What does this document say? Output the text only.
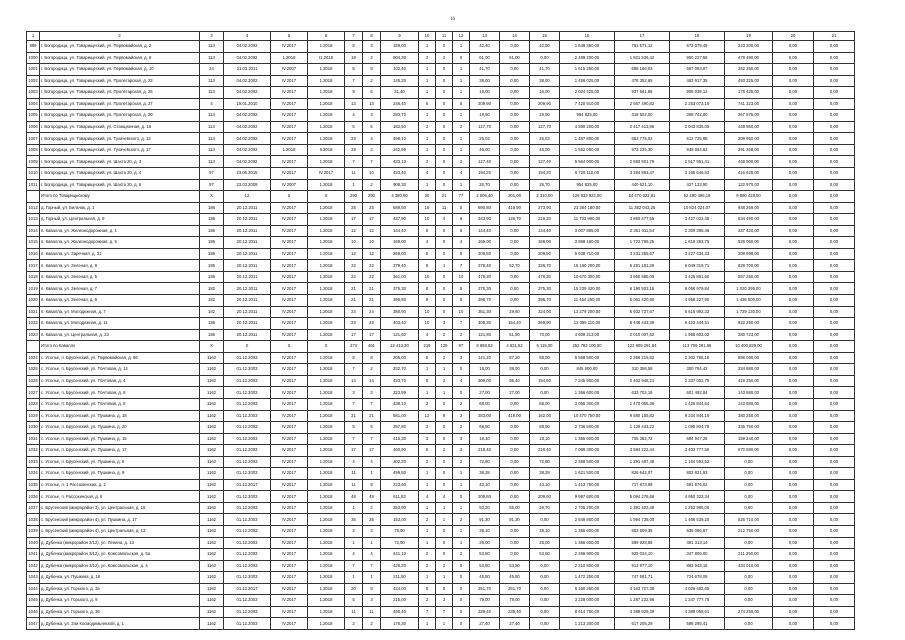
16
1	2	3	4	5	6	7	8	9	10	11	12	13	14	15	16	17	18	19	20	21
989	г. Богородица, ул. Товарищеский, ул. Первомайская, д. 2	113	04.02.2002	IV.2017	1.2018	8	3	159,00	1	0	1	42,40	0,00	42,50	1 648 350,00	751 571,12	673 079,49	223 200,00	0,00	0,00
1000	г. Богородица, ул. Товарищеский, ул. Первомайская, д. 8	113	04.02.2002	1.2018	I1.2018	19	2	604,30	2	2	0	61,00	61,00	0,00	2 489 200,00	1 821 536,42	950 227,58	478 490,00	0,00	0,00
1001	г. Богородица, ул. Товарищеский, ул. Первомайская, д. 10	24	21.03.2011	IV.2007	1.2018	8	8	102,40	1	0	1	41,70	0,00	41,70	1 615 250,00	688 166,03	667 083,97	262 250,00	0,00	0,00
1002	г. Богородица, ул. Товарищеский, ул. Пролетарская, д. 23	113	04.02.2002	IV.2017	1.2018	7	2	145,20	1	0	1	38,00	0,00	38,00	1 456 025,00	478 352,65	463 917,35	493 325,00	0,00	0,00
1003	г. Богородица, ул. Товарищеский, ул. Пролетарская, д. 25	113	04.02.2002	IV.2017	1.2018	9	6	31,40	1	0	1	16,00	0,00	16,00	2 024 425,00	937 561,88	908 038,12	178 425,00	0,00	0,00
1004	г. Богородица, ул. Товарищеский, ул. Пролетарская, д. 27	4	19.01.2010	IV.2017	1.2018	13	13	246,40	6	0	6	209,90	0,00	209,90	7 420 910,00	2 557 490,82	2 253 073,18	741 323,00	0,00	0,00
1005	г. Богородица, ул. Товарищеский, ул. Пролетарская, д. 30	113	04.02.2002	IV.2017	1.2018	4	3	283,70	1	0	1	19,50	0,00	19,50	954 825,00	318 502,00	308 742,80	267 575,00	0,00	0,00
1006	г. Богородица, ул. Товарищеский, ул. Станционная, д. 16	113	04.02.2002	IV.2017	1.2018	5	5	182,50	2	0	2	127,70	0,00	127,70	4 590 200,00	2 417 413,95	2 043 836,05	448 950,00	0,00	0,00
1007	г. Богородица, ул. Товарищеский, ул. Тухачевского, д. 12	113	04.02.2002	IV.2017	1.2018	23	4	498,10	1	0	1	25,03	0,00	25,03	1 487 800,00	653 775,02	612 725,98	209 950,00	0,00	0,00
1008	г. Богородица, ул. Товарищеский, ул. Тухачевского, д. 17	113	04.02.2002	1.2018	II.2018	28	2	342,99	1	0	1	46,00	0,00	46,00	1 552 050,00	973 225,30	948 664,62	291 268,00	0,00	0,00
1009	г. Богородица, ул. Товарищеский, ул. Шахта 20, д. 3	113	04.02.2002	IV.2017	1.2018	7	7	433,10	2	0	2	127,40	0,00	127,40	5 564 000,00	2 593 501,79	2 517 951,41	448 500,00	0,00	0,00
1010	г. Богородица, ул. Товарищеский, ул. Шахта 20, д. 4	97	23.06.2015	IV.2017	IV.2017	11	10	423,40	4	0	4	194,20	0,00	194,20	6 728 110,00	3 284 853,47	3 165 646,53	416 628,00	0,00	0,00
1011	г. Богородица, ул. Товарищеский, ул. Шахта 20, д. 5	97	23.03.2009	IV.2007	1.2018	1	2	908,30	1	0	1	26,70	0,00	26,70	954 825,00	440 621,10	427 123,90	122 970,00	0,00	0,00
	Итого по Товарищескому	Х	12	Х	Х	290	290	4 380,90	30	21	77	2 506,40	201,00	2 310,00	126 833 923,00	54 470 022,81	52 490 496,19	9 890 428,00	0,00	0,00
1012	д. Горный, ул. Бильчак, д. 1	186	20.12.2011	IV.2017	1.2018	25	25	689,50	16	11	5	690,80	416,90	273,90	23 364 180,00	11 382 043,25	10 824 024,07	948 269,00	0,00	0,00
1013	д. Горный, ул. Центральная, д. 9	186	20.12.2011	IV.2017	1.2018	17	17	437,90	10	4	6	343,90	126,70	216,20	11 703 990,00	3 860 477,55	3 427 022,45	534 490,00	0,00	0,00
1014	п. Кавалла, ул. Железнодорожная, д. 1	186	20.12.2011	IV.2017	1.2018	12	12	144,40	6	0	6	144,40	0,00	144,40	3 007 895,00	2 351 011,54	2 300 395,46	237 420,00	0,00	0,00
1015	п. Кавалла, ул. Железнодорожная, д. 5	186	20.12.2011	IV.2017	1.2018	10	10	169,00	4	0	4	169,00	0,00	169,00	3 868 160,00	1 722 799,25	1 619 293,75	526 050,00	0,00	0,00
1016	п. Кавалла, ул. Заречная, д. 31	186	20.12.2011	IV.2017	1.2018	12	12	269,00	5	0	5	209,50	0,00	209,50	5 938 710,00	3 231 255,67	3 227 434,33	209 998,00	0,00	0,00
1017	п. Кавалла, ул. Зеленая, д. 9	185	20.12.2011	IV.2017	1.2018	22	22	379,40	8	1	7	379,40	52,70	326,70	15 160 200,00	6 281 181,29	6 049 319,71	829 700,00	0,00	0,00
1018	п. Кавалла, ул. Зеленая, д. 5	185	20.12.2011	IV.2017	1.2018	22	22	361,00	10	0	10	476,30	0,00	476,30	10 670 300,00	3 950 585,09	3 425 861,60	557 250,00	0,00	0,00
1019	п. Кавалла, ул. Зеленая, д. 7	182	20.12.2011	IV.2017	1.2018	21	21	375,30	8	0	8	375,30	0,00	375,30	15 239 420,00	6 190 503,16	6 058 979,84	1 020 395,00	0,00	0,00
1020	п. Кавалла, ул. Зеленая, д. 9	182	20.12.2011	IV.2017	1.2018	21	21	395,80	9	0	9	396,70	0,00	396,70	11 454 250,00	5 061 420,90	4 956 227,90	1 436 600,00	0,00	0,00
1021	п. Кавалла, ул. Молодежная, д. 7	182	20.12.2011	IV.2017	1.2018	24	24	380,90	10	0	10	351,30	29,60	324,00	13 279 200,00	5 932 737,67	5 616 992,33	1 729 130,00	0,00	0,00
1022	п. Кавалла, ул. Молодежная, д. 11	186	20.12.2011	IV.2017	1.2018	23	23	403,40	10	3	7	409,30	154,40	269,90	12 095 110,00	6 448 443,39	6 423 444,51	822 290,00	0,00	0,00
1023	п. Кавалла, ул. Центральная, д. 23	186	20.12.2011	IV.2017	1.2018	17	17	121,60	4	2	2	121,80	51,50	70,00	4 609 213,00	2 010 007,52	1 968 603,02	280 723,00	0,00	0,00
	Итого по Кавалле	Х	Х	Х	Х	474	461	12 413,30	219	125	97	8 868,82	4 631,52	5 115,00	252 783 100,00	122 909 291,64	113 709 291,66	10 400 829,00	0,00	0,00
1024	с. Усолье, п. Брусенский, ул. Первомайская, д. 66	1162	01.12.2003	IV.2017	1.2018	8	8	205,00	5	2	3	141,20	87,20	58,00	5 558 500,00	2 356 215,82	2 302 766,18	896 090,00	0,00	0,00
1025	с. Усолье, п. Брусенский, ул. Почтовая, д. 14	1162	01.12.2003	IV.2017	1.2018	7	2	332,70	1	1	0	18,00	38,00	0,00	845 800,00	310 356,58	300 764,42	234 680,00	0,00	0,00
1026	с. Усолье, п. Брусенский, ул. Почтовая, д. 4	1162	01.12.2003	IV.2017	1.2018	14	14	423,70	6	2	4	309,00	95,40	154,50	7 245 900,00	2 402 948,21	2 337 052,79	419 250,00	0,00	0,00
1027	с. Усолье, п. Брусенский, ул. Почтовая, д. 6	1162	01.12.2003	IV.2017	1.2018	3	3	323,99	1	1	0	27,00	27,00	0,00	1 366 600,00	633 702,16	601 492,84	143 680,00	0,00	0,00
1028	с. Усолье, п. Брусенский, ул. Почтовая, д. 8	1162	01.12.2003	IV.2017	1.2018	7	7	438,10	2	0	2	68,00	0,00	68,00	3 055 300,00	1 470 055,36	1 425 844,64	143 680,00	0,00	0,00
1029	с. Усолье, п. Брусенский, ул. Пушкина, д. 18	1162	01.12.2003	IV.2017	1.2018	21	21	581,00	12	9	3	283,00	419,00	162,00	10 470 750,00	9 580 155,82	9 234 844,18	380 250,00	0,00	0,00
1030	с. Усолье, п. Брусенский, ул. Пушкина, д. 20	1162	01.12.2003	IV.2017	1.2018	5	5	287,80	2	0	2	68,50	0,00	68,50	2 736 500,00	1 129 443,22	1 095 804,78	335 750,00	0,00	0,00
1031	с. Усолье, п. Брусенский, ул. Пушкина, д. 15	1162	01.12.2003	IV.2017	1.2018	7	7	415,30	3	0	3	18,10	0,00	18,10	1 365 600,00	705 382,72	684 947,28	159 240,00	0,00	0,00
1032	с. Усолье, п. Брусенский, ул. Пушкина, д. 17	1162	01.12.2003	IV.2017	1.2018	17	17	460,90	5	2	3	218,40	0,00	218,40	7 088 300,00	3 594 222,44	3 403 777,56	670 590,00	0,00	0,00
1033	с. Усолье, п. Брусенский, ул. Пушкина, д. 8	1162	01.12.2003	IV.2017	1.2018	4	4	302,20	2	0	2	72,80	0,00	72,80	2 366 500,00	1 291 407,48	1 164 592,52	0,00	0,00	0,00
1034	с. Усолье, п. Брусенский, ул. Пушкина, д. 9	1162	01.12.2003	IV.2017	1.2018	11	1	499,50	1	0	1	38,28	0,00	38,28	1 621 500,00	826 642,07	802 831,93	0,00	0,00	0,00
1035	с. Усолье, п. 1 Рассохинская, д. 2	1162	01.12.2017	IV.2017	1.2018	11	9	223,60	1	0	1	43,10	0,00	43,10	1 413 750,00	717 873,98	691 876,02	0,00	0,00	0,00
1036	с. Усолье, п. Рассохинская, д. 6	1162	01.12.2003	IV.2017	1.2018	48	48	611,63	4	4	0	209,60	0,00	209,60	9 997 600,00	5 094 276,66	4 950 323,34	0,00	0,00	0,00
1037	с. Брусенский (микрорайон 3), ул. Центральная, д. 16	1162	01.12.2003	IV.2017	1.2018	1	2	253,90	1	1	1	53,20	65,00	26,70	2 705 200,00	1 391 402,49	1 252 965,00	0,00	0,00	0,00
1038	с. Брусенский (микрорайон 4), ул. Пушкина, д. 17	1162	01.12.2003	IV.2017	1.2018	35	35	153,00	2	1	2	91,30	91,30	0,00	2 849 800,00	1 994 738,00	1 466 539,20	526 710,00	0,00	0,00
1039	с. Брусенский (микрорайон 4), ул. Центральная, д. 13	1162	01.12.2003	IV.2017	1.2018	2	2	76,90	1	0	1	38,10	0,00	38,10	1 366 600,00	653 509,35	635 086,67	212 750,00	0,00	0,00
1040	д. Дубенка (микрорайон 3/12), ул. Ленина, д. 13	1162	01.12.2003	IV.2017	1.2018	1	1	72,90	1	0	1	26,00	0,00	26,00	1 366 600,00	589 928,86	491 313,14	0,00	0,00	0,00
1041	д. Дубенка (микрорайон 3/12), ул. Комсомольская, д. 5а	1162	01.12.2003	IV.2017	1.2018	4	4	441,10	2	0	2	53,50	0,00	53,50	2 266 900,00	925 034,10	347 806,00	211 250,00	0,00	0,00
1042	д. Дубенка (микрорайон 3/12), ул. Комсомольская, д. 4	1162	01.12.2003	IV.2017	1.2018	7	7	426,20	2	2	0	53,50	53,50	0,00	2 210 800,00	913 977,10	883 943,16	434 010,00	0,00	0,00
1043	д. Дубенка, ул. Пушкина, д. 16	1162	01.12.2003	IV.2017	1.2018	1	1	211,50	1	1	0	45,50	45,50	0,00	1 472 250,00	747 591,71	724 678,09	0,00	0,00	0,00
1044	д. Дубенка, ул. Горького, д. 3а	1162	01.12.2017	IV.2017	1.2018	20	8	424,00	6	6	0	251,70	251,70	0,00	8 160 250,00	4 163 707,38	4 026 462,65	0,00	0,00	0,00
1045	д. Дубенка, ул. Горького, д. 9	1162	01.12.2003	IV.2017	1.2018	5	3	215,00	2	2	0	79,00	79,00	0,00	3 228 000,00	1 287 232,96	1 247 777,76	0,00	0,00	0,00
1046	д. Дубенка, ул. Горького, д. 36	1162	01.12.2003	IV.2017	1.2018	11	11	490,40	7	7	0	239,40	239,40	0,00	8 614 750,00	4 389 929,39	4 389 058,61	274 250,00	0,00	0,00
1047	д. Дубенка, ул. Зои Космодемьянской, д. 1	1162	01.12.2003	IV.2017	1.2018	2	2	176,30	1	1	0	27,40	27,40	0,00	1 213 300,00	617 205,29	598 295,41	0,00	0,00	0,00
